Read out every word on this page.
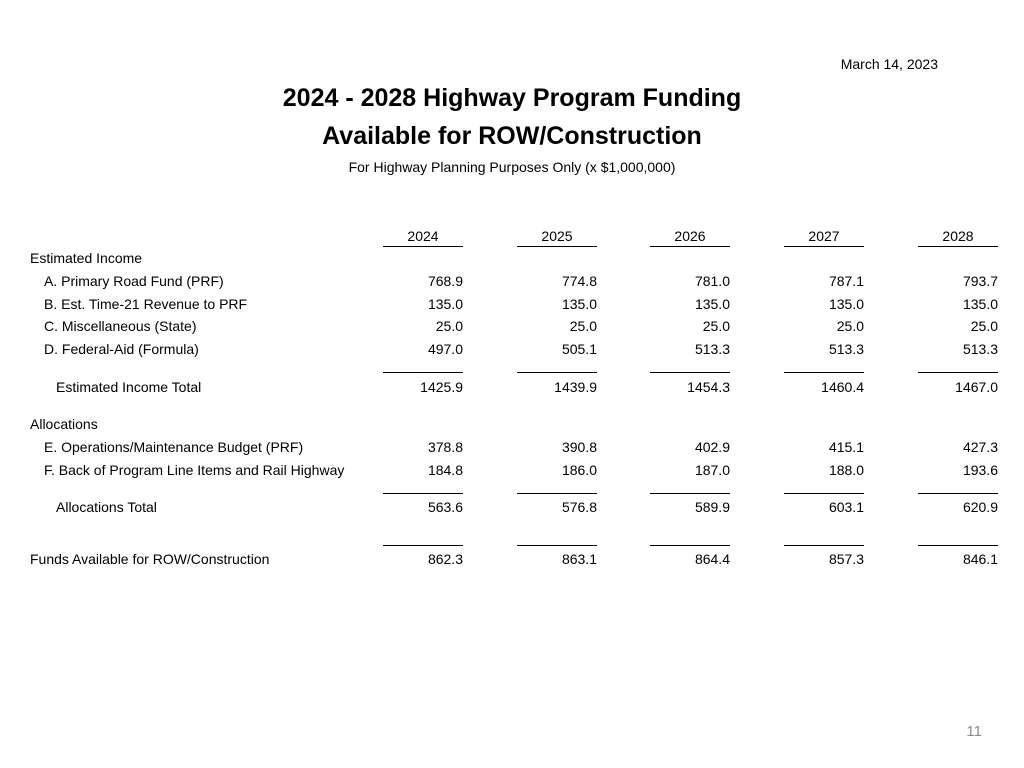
March 14, 2023
2024 - 2028 Highway Program Funding
Available for ROW/Construction
For Highway Planning Purposes Only (x $1,000,000)
2024	2025	2026	2027	2028
Estimated Income
A. Primary Road Fund (PRF)	768.9	774.8	781.0	787.1	793.7
B. Est. Time-21 Revenue to PRF	135.0	135.0	135.0	135.0	135.0
C. Miscellaneous (State)	25.0	25.0	25.0	25.0	25.0
D. Federal-Aid (Formula)	497.0	505.1	513.3	513.3	513.3
Estimated Income Total	1425.9	1439.9	1454.3	1460.4	1467.0
Allocations
E. Operations/Maintenance Budget (PRF)	378.8	390.8	402.9	415.1	427.3
F. Back of Program Line Items and Rail Highway	184.8	186.0	187.0	188.0	193.6
Allocations Total	563.6	576.8	589.9	603.1	620.9
Funds Available for ROW/Construction	862.3	863.1	864.4	857.3	846.1
11
